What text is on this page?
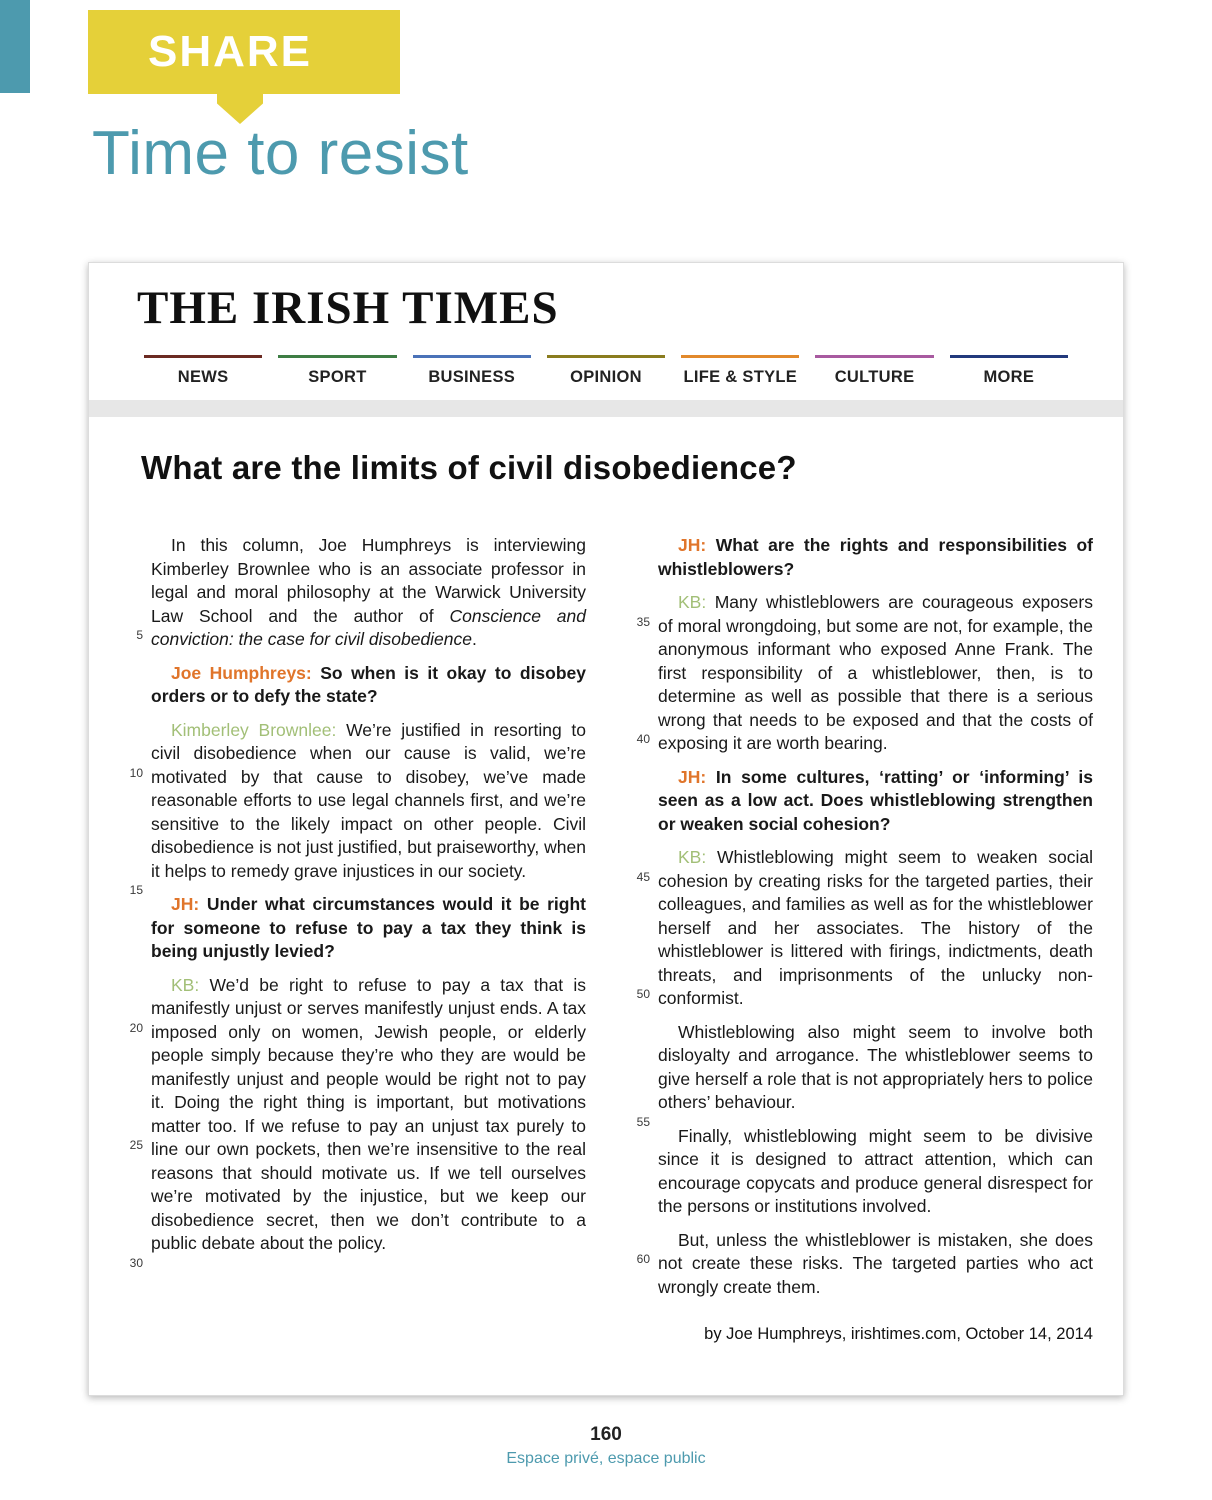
SHARE
Time to resist
THE IRISH TIMES
NEWS	SPORT	BUSINESS	OPINION	LIFE & STYLE	CULTURE	MORE
What are the limits of civil disobedience?
5
10
15
20
25
30

In this column, Joe Humphreys is interviewing Kimberley Brownlee who is an associate professor in legal and moral philosophy at the Warwick University Law School and the author of Conscience and conviction: the case for civil disobedience.

Joe Humphreys: So when is it okay to disobey orders or to defy the state?

Kimberley Brownlee: We’re justified in resorting to civil disobedience when our cause is valid, we’re motivated by that cause to disobey, we’ve made reasonable efforts to use legal channels first, and we’re sensitive to the likely impact on other people. Civil disobedience is not just justified, but praiseworthy, when it helps to remedy grave injustices in our society.

JH: Under what circumstances would it be right for someone to refuse to pay a tax they think is being unjustly levied?

KB: We’d be right to refuse to pay a tax that is manifestly unjust or serves manifestly unjust ends. A tax imposed only on women, Jewish people, or elderly people simply because they’re who they are would be manifestly unjust and people would be right not to pay it. Doing the right thing is important, but motivations matter too. If we refuse to pay an unjust tax purely to line our own pockets, then we’re insensitive to the real reasons that should motivate us. If we tell ourselves we’re motivated by the injustice, but we keep our disobedience secret, then we don’t contribute to a public debate about the policy.

35
40
45
50
55
60

JH: What are the rights and responsibilities of whistleblowers?

KB: Many whistleblowers are courageous exposers of moral wrongdoing, but some are not, for example, the anonymous informant who exposed Anne Frank. The first responsibility of a whistleblower, then, is to determine as well as possible that there is a serious wrong that needs to be exposed and that the costs of exposing it are worth bearing.

JH: In some cultures, ‘ratting’ or ‘informing’ is seen as a low act. Does whistleblowing strengthen or weaken social cohesion?

KB: Whistleblowing might seem to weaken social cohesion by creating risks for the targeted parties, their colleagues, and families as well as for the whistleblower herself and her associates. The history of the whistleblower is littered with firings, indictments, death threats, and imprisonments of the unlucky non-conformist.

Whistleblowing also might seem to involve both disloyalty and arrogance. The whistleblower seems to give herself a role that is not appropriately hers to police others’ behaviour.

Finally, whistleblowing might seem to be divisive since it is designed to attract attention, which can encourage copycats and produce general disrespect for the persons or institutions involved.

But, unless the whistleblower is mistaken, she does not create these risks. The targeted parties who act wrongly create them.

by Joe Humphreys, irishtimes.com, October 14, 2014
160
Espace privé, espace public
